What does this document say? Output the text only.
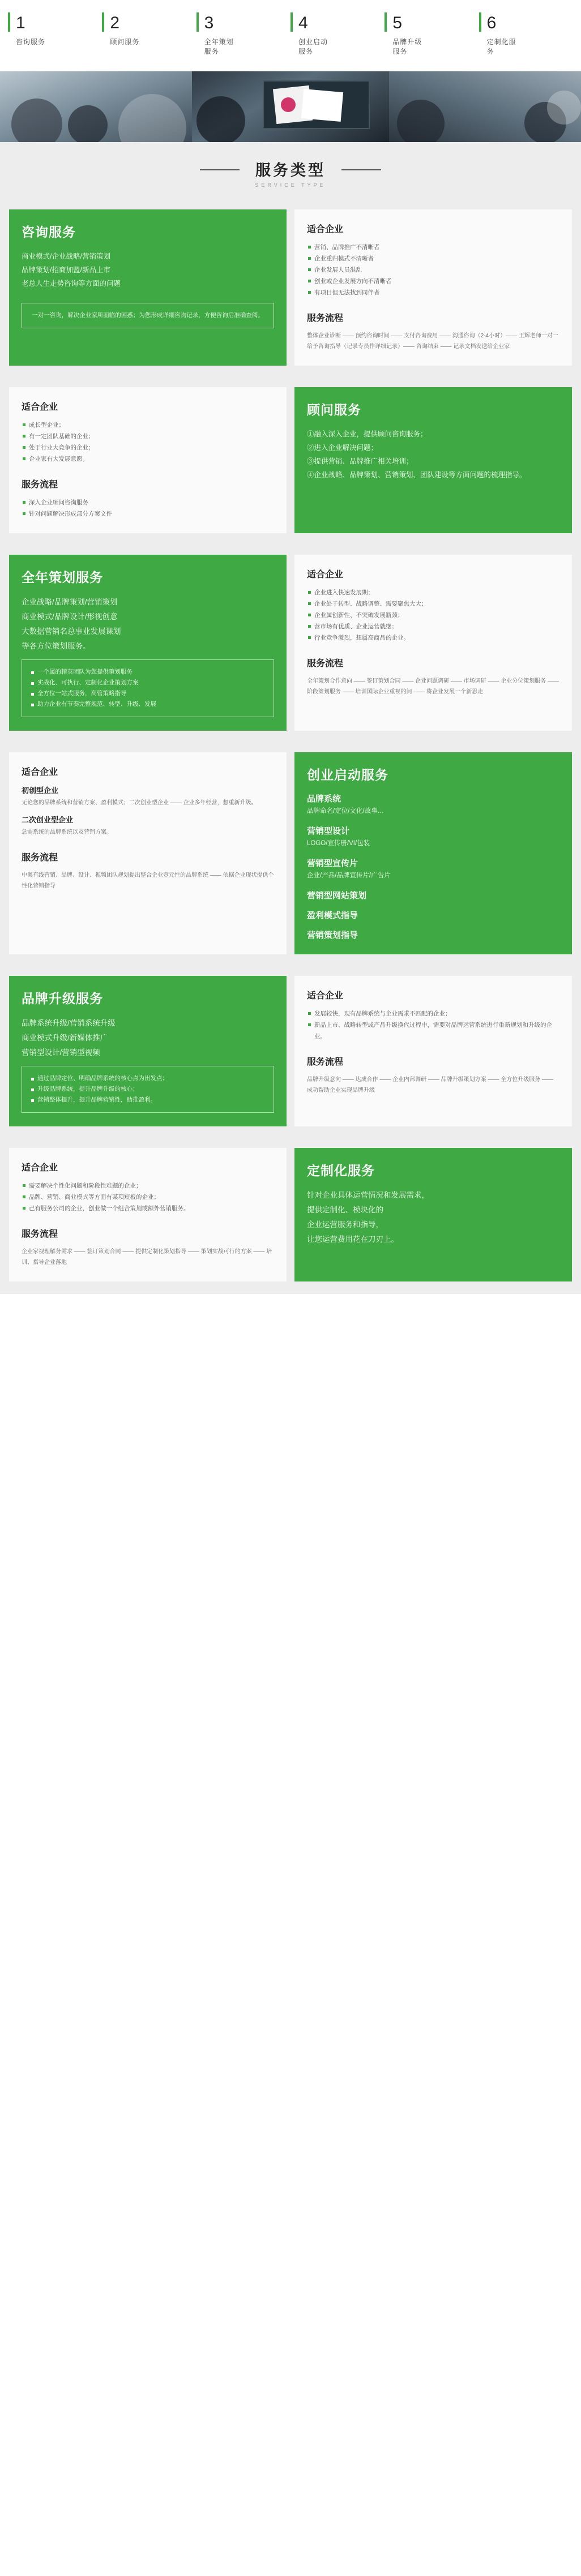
1
咨询服务
2
顾问服务
3
全年策划服务
4
创业启动服务
5
品牌升级服务
6
定制化服务
服务类型
SERVICE TYPE
咨询服务
商业模式/企业战略/营销策划
品牌策划/招商加盟/新品上市
老总人生走势咨询等方面的问题
一对一咨询，解决企业家所面临的困惑；为您形成详细咨询记录，方便咨询后准确查阅。
适合企业
营销、品牌推广不清晰者
企业重归模式不清晰者
企业发展人员混乱
创业或企业发展方向不清晰者
有项目但无法找到同伴者
服务流程
整体企业诊断 —— 预约咨询时间 —— 支付咨询费用 —— 沟通咨询（2-4小时）—— 王辉老师一对一给予咨询指导（记录专员作详细记录）—— 咨询结束 —— 记录文档发送给企业家
适合企业
成长型企业；
有一定团队基础的企业；
处于行业大竞争的企业；
企业家有大发展意愿。
服务流程
深入企业顾问咨询服务
针对问题解决形成部分方案文件
顾问服务
①融入深入企业，提供顾问咨询服务；
②进入企业解决问题；
③提供营销、品牌推广相关培训；
④企业战略、品牌策划、营销策划、团队建设等方面问题的梳理指导。
全年策划服务
企业战略/品牌策划/营销策划
商业模式/品牌设计/形视创意
大数据营销名总事业发展课划
等各方位策划服务。
一个属的精英团队为您提供策划服务
实战化、可执行、定制化企业策划方案
全方位一站式服务，高管策略指导
助力企业有节奏完整规范、转型、升级、发展
适合企业
企业进入快速发展期；
企业处于转型、战略调整、需要聚焦大大；
企业属创新性、不突破发展瓶颈；
营市场有优质、企业运营就继；
行业竞争激烈，想属高商品的企业。
服务流程
全年策划合作意向 —— 签订策划合同 —— 企业问题调研 —— 市场调研 —— 企业分位策划服务 —— 阶段策划服务 —— 培训国际企业重视的问 —— 将企业发展一个新思走
适合企业
初创型企业
无论您的品牌系统和营销方案、盈利模式；二次创业型企业 —— 企业多年经营，想重新升级。
二次创业型企业
急需系统的品牌系统以及营销方案。
服务流程
中奥有线营销、品牌、设计、视频团队规划提出整合企业壹元性的品牌系统 —— 依据企业现状提供个性化营销指导
创业启动服务
品牌系统
品牌命名/定位/文化/故事…
营销型设计
LOGO/宣传册/VI/包装
营销型宣传片
企业/产品/品牌宣传片/广告片
营销型网站策划
盈利模式指导
营销策划指导
品牌升级服务
品牌系统升级/营销系统升级
商业模式升级/新媒体推广
营销型设计/营销型视频
通过品牌定位、明确品牌系统的核心点为出发点；
升级品牌系统，提升品牌升级的核心；
营销整体提升，提升品牌营销性，助推盈利。
适合企业
发展较快，现有品牌系统与企业需求不匹配的企业；
新品上市、战略转型或产品升级换代过程中，需要对品牌运营系统进行重新规划和升级的企业。
服务流程
品牌升级意向 —— 达成合作 —— 企业内部调研 —— 品牌升级策划方案 —— 全方位升级服务 —— 成功帮助企业实现品牌升级
适合企业
需要解决个性化问题和阶段性难题的企业；
品牌、营销、商业模式等方面有某项短板的企业；
已有服务公司的企业，创业做一个组合策划或额外营销服务。
服务流程
企业家视理解务需求 —— 签订策划合同 —— 提供定制化策划指导 —— 策划实战可行的方案 —— 培训、指导企业落地
定制化服务
针对企业具体运营情况和发展需求，
提供定制化、模块化的
企业运营服务和指导，
让您运营费用花在刀刃上。
